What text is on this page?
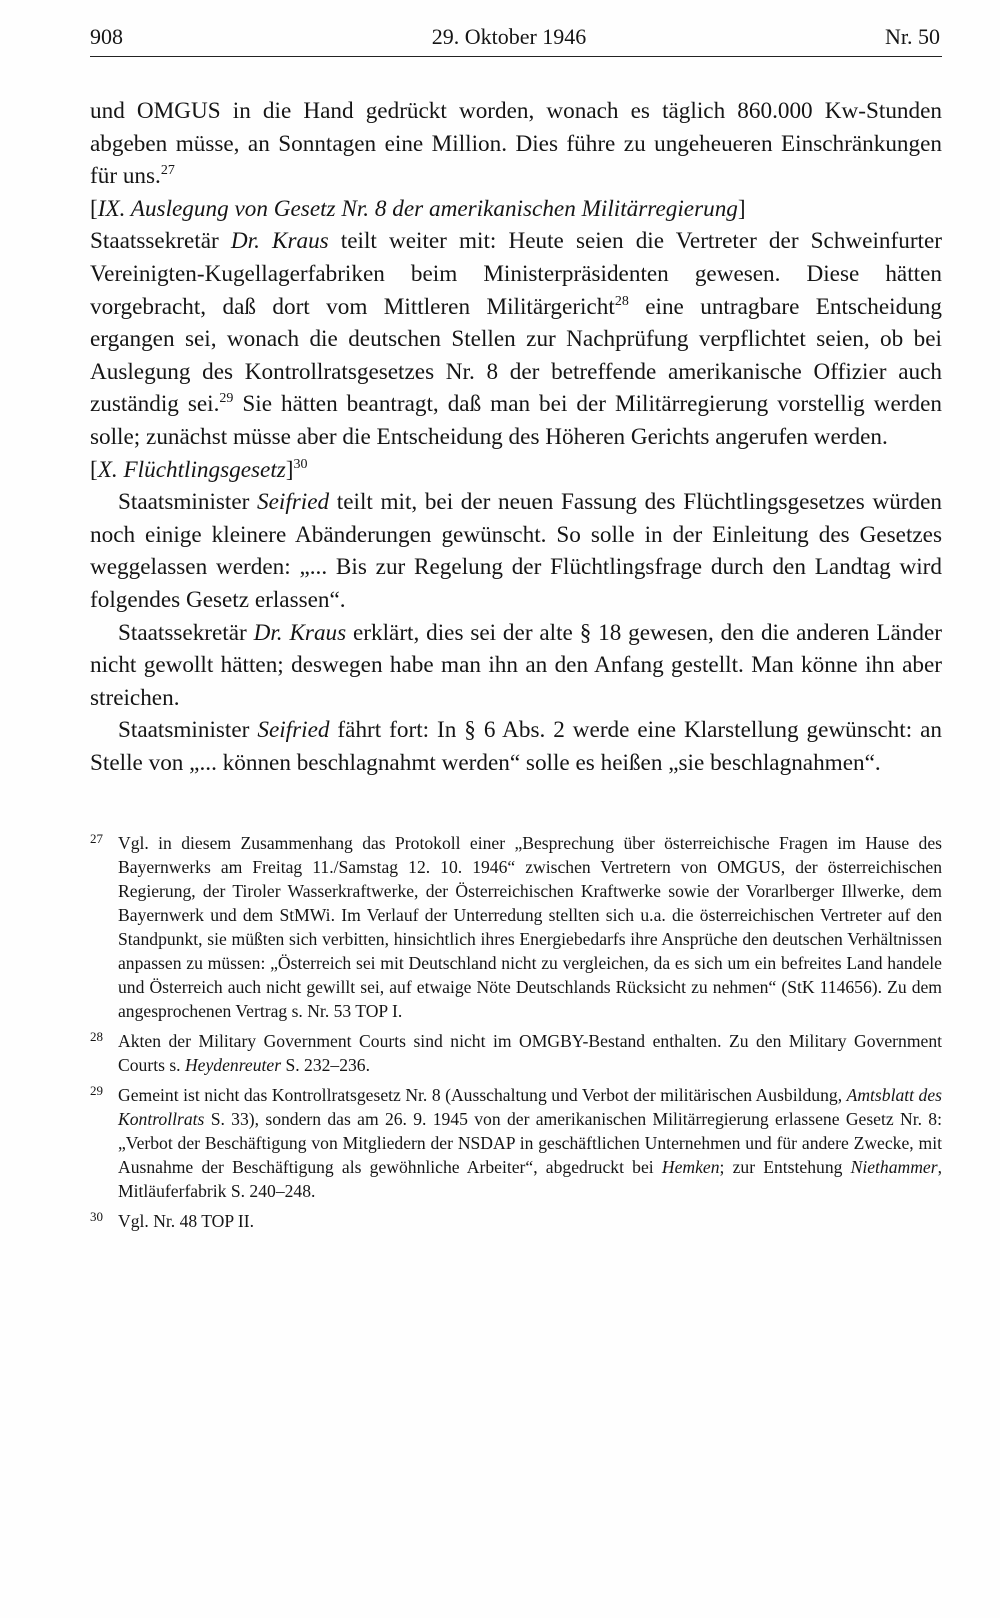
908	29. Oktober 1946	Nr. 50

und OMGUS in die Hand gedrückt worden, wonach es täglich 860.000 Kw-Stunden abgeben müsse, an Sonntagen eine Million. Dies führe zu ungeheueren Einschränkungen für uns.$^{27}$

[IX. Auslegung von Gesetz Nr. 8 der amerikanischen Militärregierung]

Staatssekretär Dr. Kraus teilt weiter mit: Heute seien die Vertreter der Schweinfurter Vereinigten-Kugellagerfabriken beim Ministerpräsidenten gewesen. Diese hätten vorgebracht, daß dort vom Mittleren Militärgericht$^{28}$ eine untragbare Entscheidung ergangen sei, wonach die deutschen Stellen zur Nachprüfung verpflichtet seien, ob bei Auslegung des Kontrollratsgesetzes Nr. 8 der betreffende amerikanische Offizier auch zuständig sei.$^{29}$ Sie hätten beantragt, daß man bei der Militärregierung vorstellig werden solle; zunächst müsse aber die Entscheidung des Höheren Gerichts angerufen werden.

[X. Flüchtlingsgesetz]$^{30}$

Staatsminister Seifried teilt mit, bei der neuen Fassung des Flüchtlingsgesetzes würden noch einige kleinere Abänderungen gewünscht. So solle in der Einleitung des Gesetzes weggelassen werden: „... Bis zur Regelung der Flüchtlingsfrage durch den Landtag wird folgendes Gesetz erlassen“.

Staatssekretär Dr. Kraus erklärt, dies sei der alte § 18 gewesen, den die anderen Länder nicht gewollt hätten; deswegen habe man ihn an den Anfang gestellt. Man könne ihn aber streichen.

Staatsminister Seifried fährt fort: In § 6 Abs. 2 werde eine Klarstellung gewünscht: an Stelle von „... können beschlagnahmt werden“ solle es heißen „sie beschlagnahmen“.

27 Vgl. in diesem Zusammenhang das Protokoll einer „Besprechung über österreichische Fragen im Hause des Bayernwerks am Freitag 11./Samstag 12. 10. 1946“ zwischen Vertretern von OMGUS, der österreichischen Regierung, der Tiroler Wasserkraftwerke, der Österreichischen Kraftwerke sowie der Vorarlberger Illwerke, dem Bayernwerk und dem StMWi. Im Verlauf der Unterredung stellten sich u.a. die österreichischen Vertreter auf den Standpunkt, sie müßten sich verbitten, hinsichtlich ihres Energiebedarfs ihre Ansprüche den deutschen Verhältnissen anpassen zu müssen: „Österreich sei mit Deutschland nicht zu vergleichen, da es sich um ein befreites Land handele und Österreich auch nicht gewillt sei, auf etwaige Nöte Deutschlands Rücksicht zu nehmen“ (StK 114656). Zu dem angesprochenen Vertrag s. Nr. 53 TOP I.
28 Akten der Military Government Courts sind nicht im OMGBY-Bestand enthalten. Zu den Military Government Courts s. Heydenreuter S. 232–236.
29 Gemeint ist nicht das Kontrollratsgesetz Nr. 8 (Ausschaltung und Verbot der militärischen Ausbildung, Amtsblatt des Kontrollrats S. 33), sondern das am 26. 9. 1945 von der amerikanischen Militärregierung erlassene Gesetz Nr. 8: „Verbot der Beschäftigung von Mitgliedern der NSDAP in geschäftlichen Unternehmen und für andere Zwecke, mit Ausnahme der Beschäftigung als gewöhnliche Arbeiter“, abgedruckt bei Hemken; zur Entstehung Niethammer, Mitläuferfabrik S. 240–248.
30 Vgl. Nr. 48 TOP II.
